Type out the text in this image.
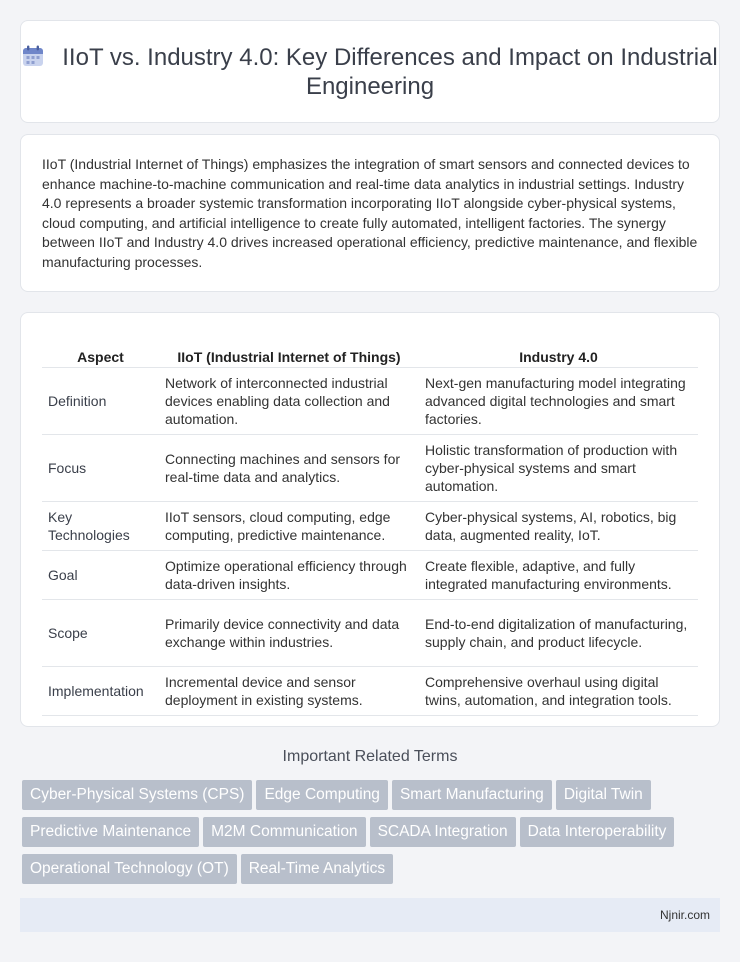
IIoT vs. Industry 4.0: Key Differences and Impact on Industrial Engineering

IIoT (Industrial Internet of Things) emphasizes the integration of smart sensors and connected devices to enhance machine-to-machine communication and real-time data analytics in industrial settings. Industry 4.0 represents a broader systemic transformation incorporating IIoT alongside cyber-physical systems, cloud computing, and artificial intelligence to create fully automated, intelligent factories. The synergy between IIoT and Industry 4.0 drives increased operational efficiency, predictive maintenance, and flexible manufacturing processes.

Aspect	IIoT (Industrial Internet of Things)	Industry 4.0
Definition	Network of interconnected industrial devices enabling data collection and automation.	Next-gen manufacturing model integrating advanced digital technologies and smart factories.
Focus	Connecting machines and sensors for real-time data and analytics.	Holistic transformation of production with cyber-physical systems and smart automation.
Key Technologies	IIoT sensors, cloud computing, edge computing, predictive maintenance.	Cyber-physical systems, AI, robotics, big data, augmented reality, IoT.
Goal	Optimize operational efficiency through data-driven insights.	Create flexible, adaptive, and fully integrated manufacturing environments.
Scope	Primarily device connectivity and data exchange within industries.	End-to-end digitalization of manufacturing, supply chain, and product lifecycle.
Implementation	Incremental device and sensor deployment in existing systems.	Comprehensive overhaul using digital twins, automation, and integration tools.
Important Related Terms
Cyber-Physical Systems (CPS) Edge Computing Smart Manufacturing Digital Twin
Predictive Maintenance M2M Communication SCADA Integration Data Interoperability
Operational Technology (OT) Real-Time Analytics
Njnir.com
